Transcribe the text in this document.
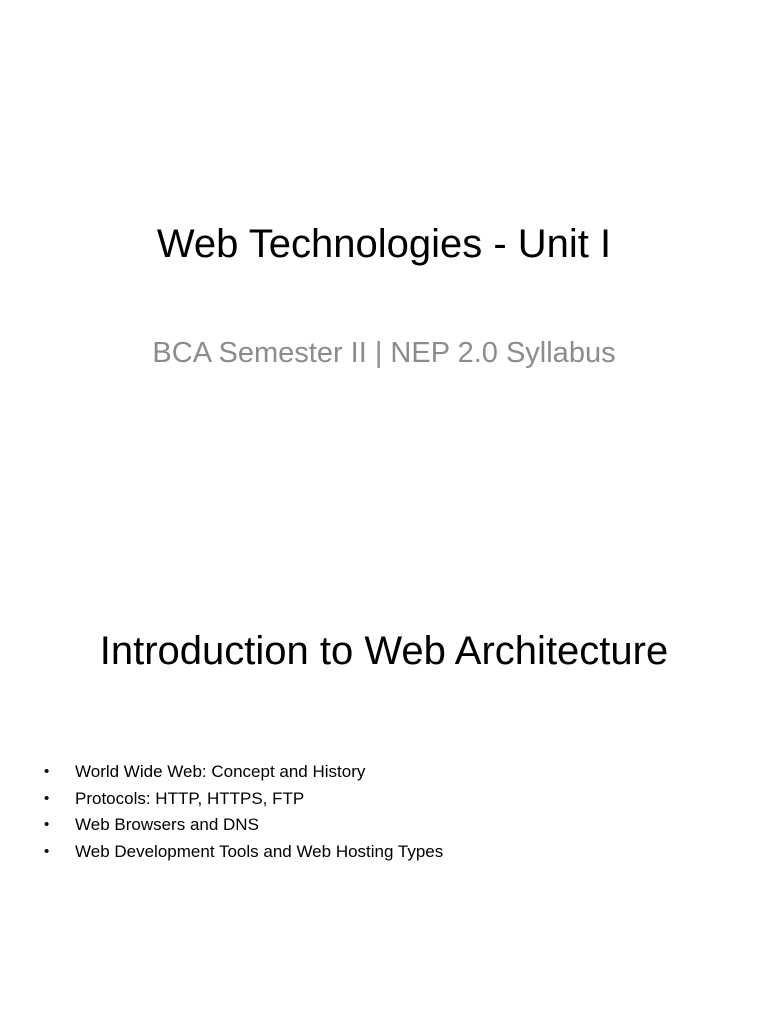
Web Technologies - Unit I
BCA Semester II | NEP 2.0 Syllabus
Introduction to Web Architecture
• World Wide Web: Concept and History
• Protocols: HTTP, HTTPS, FTP
• Web Browsers and DNS
• Web Development Tools and Web Hosting Types
